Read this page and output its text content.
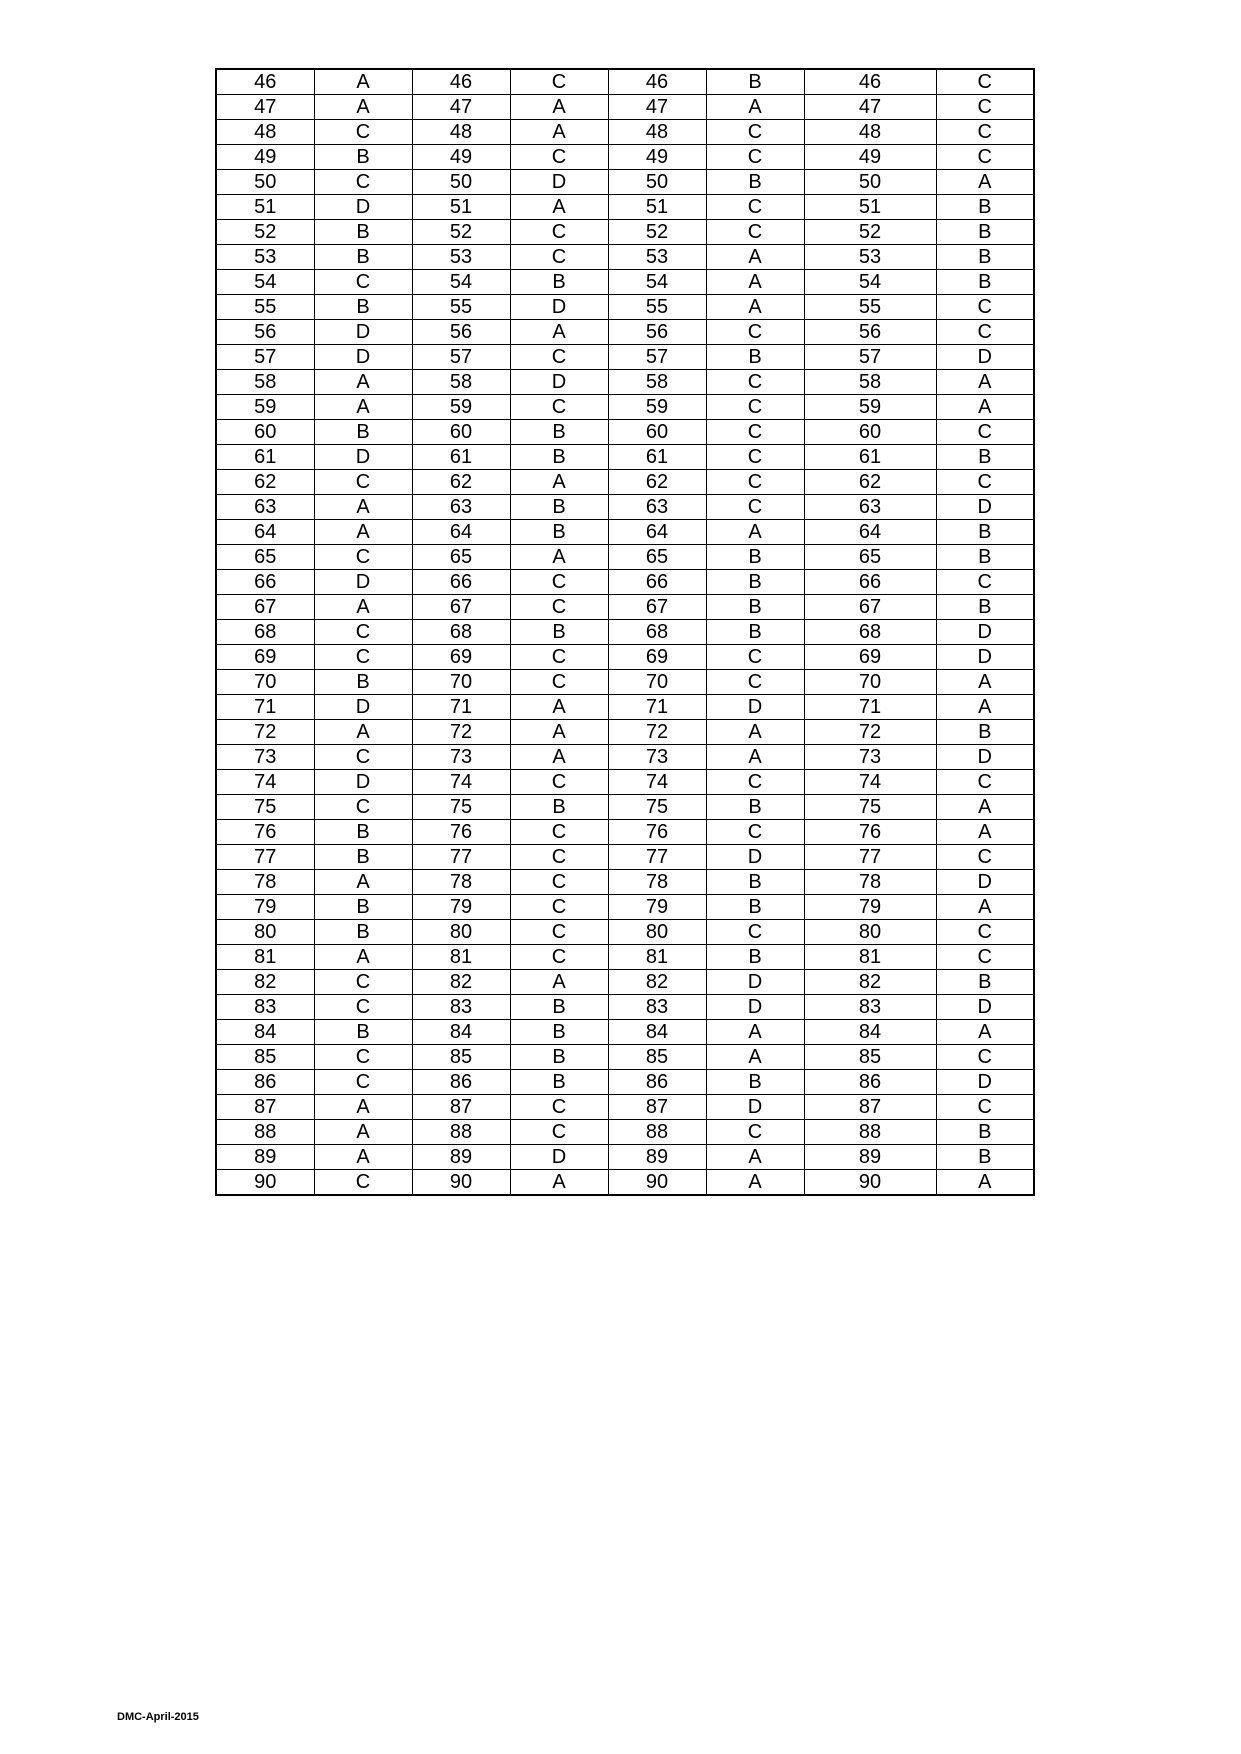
46	A	46	C	46	B	46	C
47	A	47	A	47	A	47	C
48	C	48	A	48	C	48	C
49	B	49	C	49	C	49	C
50	C	50	D	50	B	50	A
51	D	51	A	51	C	51	B
52	B	52	C	52	C	52	B
53	B	53	C	53	A	53	B
54	C	54	B	54	A	54	B
55	B	55	D	55	A	55	C
56	D	56	A	56	C	56	C
57	D	57	C	57	B	57	D
58	A	58	D	58	C	58	A
59	A	59	C	59	C	59	A
60	B	60	B	60	C	60	C
61	D	61	B	61	C	61	B
62	C	62	A	62	C	62	C
63	A	63	B	63	C	63	D
64	A	64	B	64	A	64	B
65	C	65	A	65	B	65	B
66	D	66	C	66	B	66	C
67	A	67	C	67	B	67	B
68	C	68	B	68	B	68	D
69	C	69	C	69	C	69	D
70	B	70	C	70	C	70	A
71	D	71	A	71	D	71	A
72	A	72	A	72	A	72	B
73	C	73	A	73	A	73	D
74	D	74	C	74	C	74	C
75	C	75	B	75	B	75	A
76	B	76	C	76	C	76	A
77	B	77	C	77	D	77	C
78	A	78	C	78	B	78	D
79	B	79	C	79	B	79	A
80	B	80	C	80	C	80	C
81	A	81	C	81	B	81	C
82	C	82	A	82	D	82	B
83	C	83	B	83	D	83	D
84	B	84	B	84	A	84	A
85	C	85	B	85	A	85	C
86	C	86	B	86	B	86	D
87	A	87	C	87	D	87	C
88	A	88	C	88	C	88	B
89	A	89	D	89	A	89	B
90	C	90	A	90	A	90	A
DMC-April-2015
